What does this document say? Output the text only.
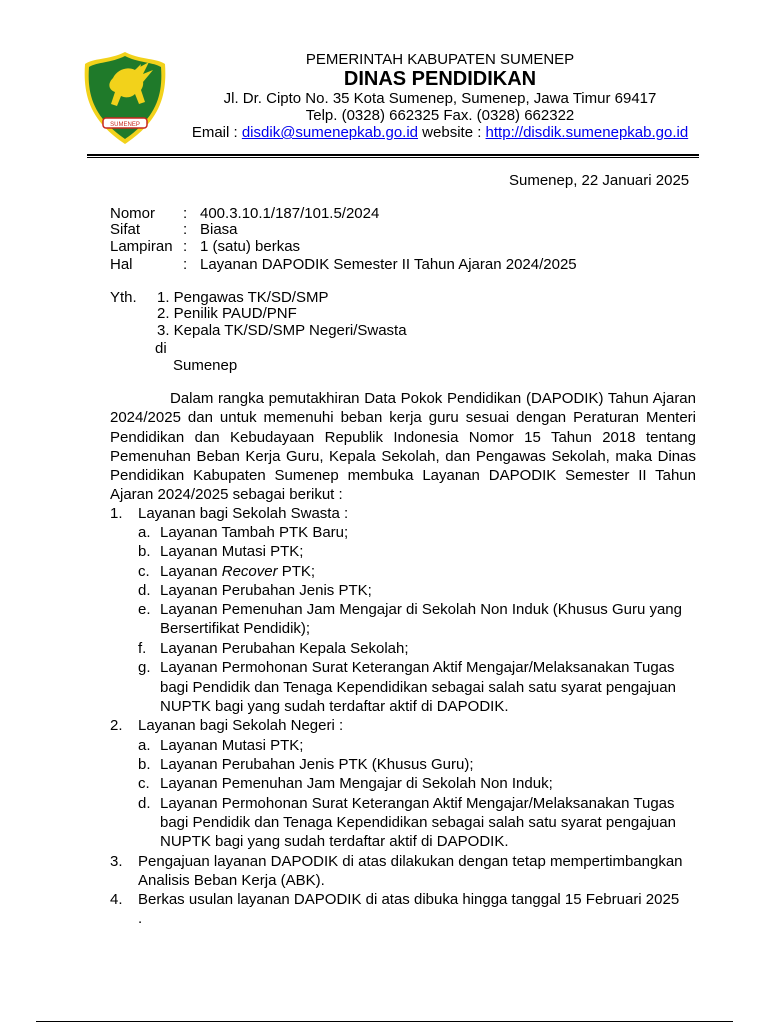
SUMENEP
PEMERINTAH KABUPATEN SUMENEP
DINAS PENDIDIKAN
Jl. Dr. Cipto No. 35 Kota Sumenep, Sumenep, Jawa Timur 69417
Telp. (0328) 662325 Fax. (0328) 662322
Email : disdik@sumenepkab.go.id website : http://disdik.sumenepkab.go.id
Sumenep, 22 Januari 2025
Nomor : 400.3.10.1/187/101.5/2024
Sifat	: Biasa
Lampiran : 1 (satu) berkas
Hal	: Layanan DAPODIK Semester II Tahun Ajaran 2024/2025
Yth. 1. Pengawas TK/SD/SMP
2. Penilik PAUD/PNF
3. Kepala TK/SD/SMP Negeri/Swasta
di
Sumenep

Dalam rangka pemutakhiran Data Pokok Pendidikan (DAPODIK) Tahun Ajaran 2024/2025 dan untuk memenuhi beban kerja guru sesuai dengan Peraturan Menteri Pendidikan dan Kebudayaan Republik Indonesia Nomor 15 Tahun 2018 tentang Pemenuhan Beban Kerja Guru, Kepala Sekolah, dan Pengawas Sekolah, maka Dinas Pendidikan Kabupaten Sumenep membuka Layanan DAPODIK Semester II Tahun Ajaran 2024/2025 sebagai berikut :

1. Layanan bagi Sekolah Swasta :
a. Layanan Tambah PTK Baru;
b. Layanan Mutasi PTK;
c. Layanan Recover PTK;
d. Layanan Perubahan Jenis PTK;
e. Layanan Pemenuhan Jam Mengajar di Sekolah Non Induk (Khusus Guru yang
Bersertifikat Pendidik);
f. Layanan Perubahan Kepala Sekolah;
g. Layanan Permohonan Surat Keterangan Aktif Mengajar/Melaksanakan Tugas
bagi Pendidik dan Tenaga Kependidikan sebagai salah satu syarat pengajuan
NUPTK bagi yang sudah terdaftar aktif di DAPODIK.
2. Layanan bagi Sekolah Negeri :
a. Layanan Mutasi PTK;
b. Layanan Perubahan Jenis PTK (Khusus Guru);
c. Layanan Pemenuhan Jam Mengajar di Sekolah Non Induk;
d. Layanan Permohonan Surat Keterangan Aktif Mengajar/Melaksanakan Tugas
bagi Pendidik dan Tenaga Kependidikan sebagai salah satu syarat pengajuan
NUPTK bagi yang sudah terdaftar aktif di DAPODIK.
3. Pengajuan layanan DAPODIK di atas dilakukan dengan tetap mempertimbangkan
Analisis Beban Kerja (ABK).
4. Berkas usulan layanan DAPODIK di atas dibuka hingga tanggal 15 Februari 2025
.
